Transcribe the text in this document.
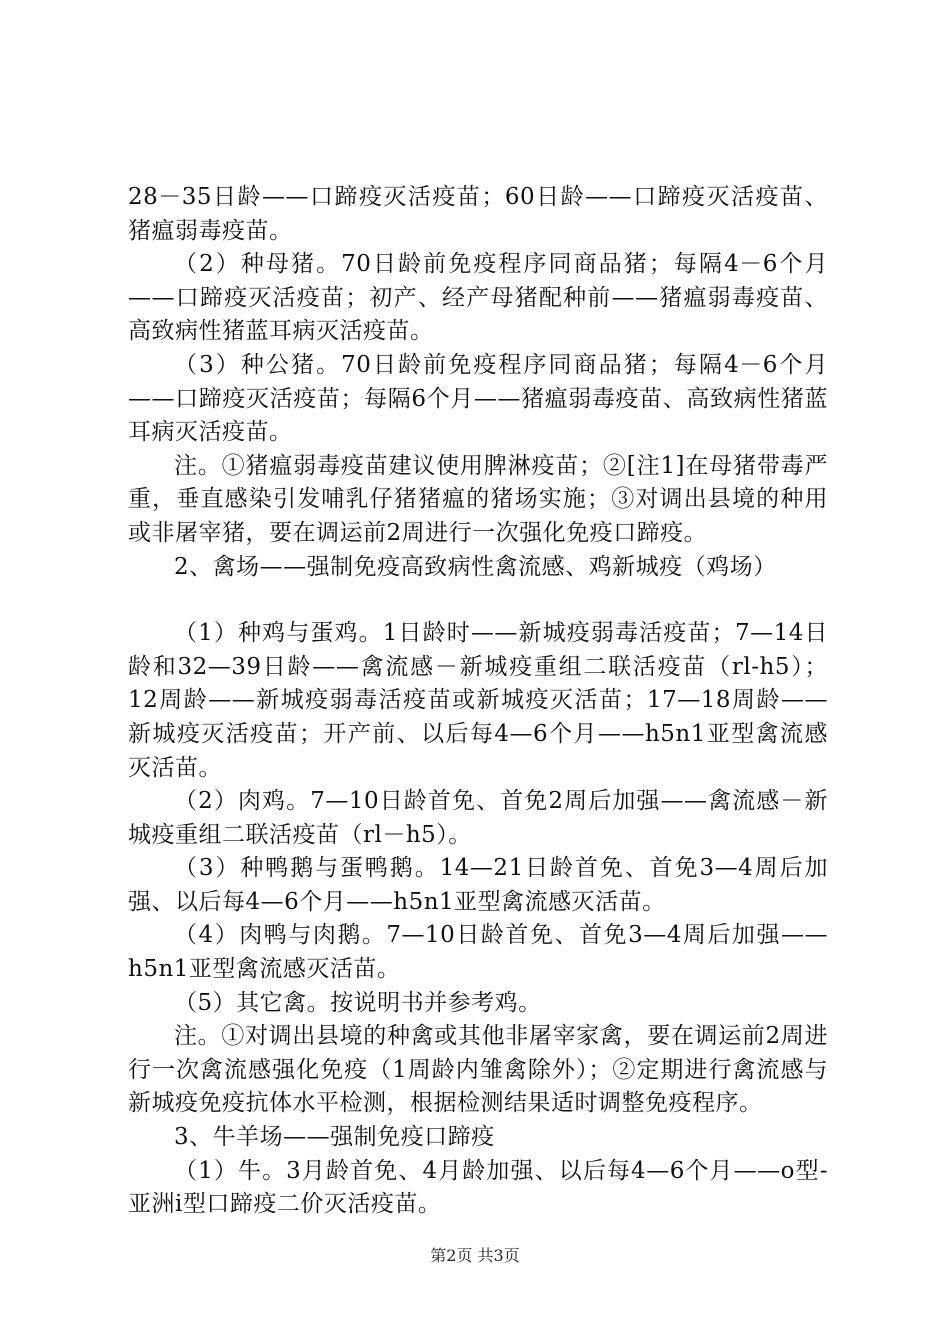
28－35日龄——口蹄疫灭活疫苗；60日龄——口蹄疫灭活疫苗、猪瘟弱毒疫苗。

（2）种母猪。70日龄前免疫程序同商品猪；每隔4－6个月——口蹄疫灭活疫苗；初产、经产母猪配种前——猪瘟弱毒疫苗、高致病性猪蓝耳病灭活疫苗。

（3）种公猪。70日龄前免疫程序同商品猪；每隔4－6个月——口蹄疫灭活疫苗；每隔6个月——猪瘟弱毒疫苗、高致病性猪蓝耳病灭活疫苗。

注。①猪瘟弱毒疫苗建议使用脾淋疫苗；②[注1]在母猪带毒严重，垂直感染引发哺乳仔猪猪瘟的猪场实施；③对调出县境的种用或非屠宰猪，要在调运前2周进行一次强化免疫口蹄疫。

2、禽场——强制免疫高致病性禽流感、鸡新城疫（鸡场）

（1）种鸡与蛋鸡。1日龄时——新城疫弱毒活疫苗；7—14日龄和32—39日龄——禽流感－新城疫重组二联活疫苗（rl-h5）；12周龄——新城疫弱毒活疫苗或新城疫灭活苗；17—18周龄——新城疫灭活疫苗；开产前、以后每4—6个月——h5n1亚型禽流感灭活苗。

（2）肉鸡。7—10日龄首免、首免2周后加强——禽流感－新城疫重组二联活疫苗（rl－h5）。

（3）种鸭鹅与蛋鸭鹅。14—21日龄首免、首免3—4周后加强、以后每4—6个月——h5n1亚型禽流感灭活苗。

（4）肉鸭与肉鹅。7—10日龄首免、首免3—4周后加强——h5n1亚型禽流感灭活苗。

（5）其它禽。按说明书并参考鸡。

注。①对调出县境的种禽或其他非屠宰家禽，要在调运前2周进行一次禽流感强化免疫（1周龄内雏禽除外）；②定期进行禽流感与新城疫免疫抗体水平检测，根据检测结果适时调整免疫程序。

3、牛羊场——强制免疫口蹄疫

（1）牛。3月龄首免、4月龄加强、以后每4—6个月——o型-亚洲i型口蹄疫二价灭活疫苗。

第2页 共3页
